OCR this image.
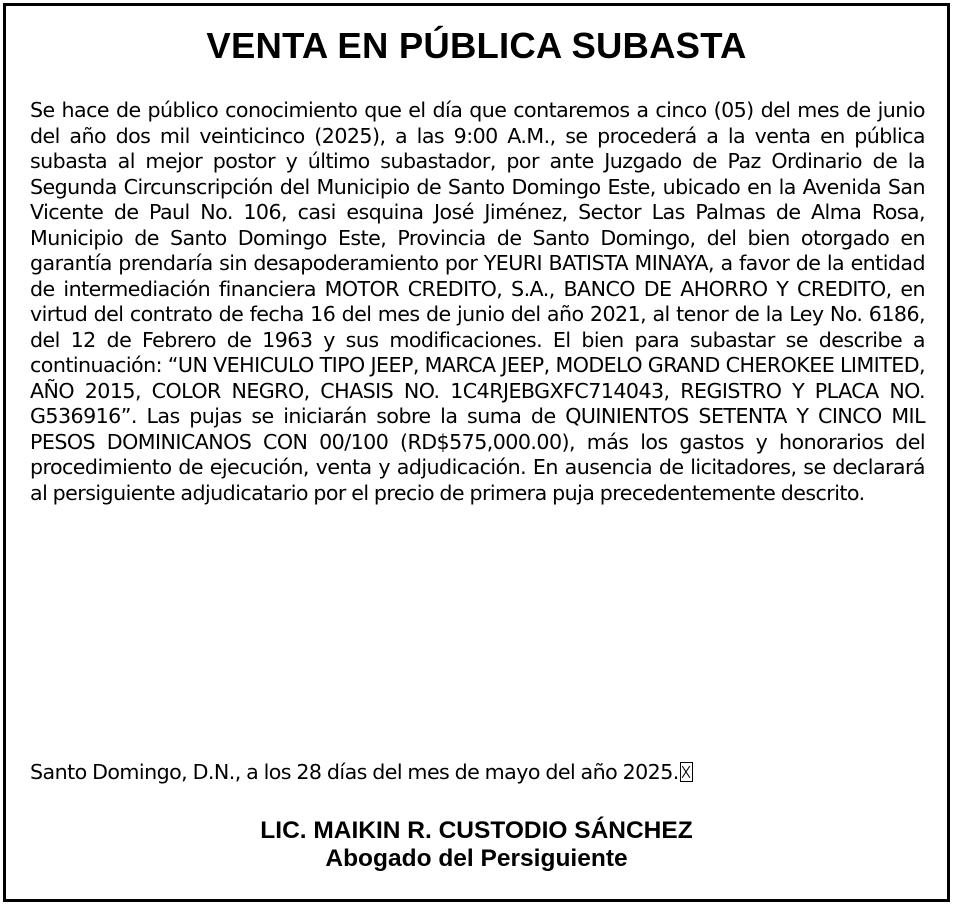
VENTA EN PÚBLICA SUBASTA

Se hace de público conocimiento que el día que contaremos a cinco (05) del mes de junio del año dos mil veinticinco (2025), a las 9:00 A.M., se procederá a la venta en pública subasta al mejor postor y último subastador, por ante Juzgado de Paz Ordinario de la Segunda Circunscripción del Municipio de Santo Domingo Este, ubicado en la Avenida San Vicente de Paul No. 106, casi esquina José Jiménez, Sector Las Palmas de Alma Rosa, Municipio de Santo Domingo Este, Provincia de Santo Domingo, del bien otorgado en garantía prendaría sin desapoderamiento por YEURI BATISTA MINAYA, a favor de la entidad de intermediación financiera MOTOR CREDITO, S.A., BANCO DE AHORRO Y CREDITO, en virtud del contrato de fecha 16 del mes de junio del año 2021, al tenor de la Ley No. 6186, del 12 de Febrero de 1963 y sus modificaciones. El bien para subastar se describe a continuación: “UN VEHICULO TIPO JEEP, MARCA JEEP, MODELO GRAND CHEROKEE LIMITED, AÑO 2015, COLOR NEGRO, CHASIS NO. 1C4RJEBGXFC714043, REGISTRO Y PLACA NO. G536916”. Las pujas se iniciarán sobre la suma de QUINIENTOS SETENTA Y CINCO MIL PESOS DOMINICANOS CON 00/100 (RD$575,000.00), más los gastos y honorarios del procedimiento de ejecución, venta y adjudicación. En ausencia de licitadores, se declarará al persiguiente adjudicatario por el precio de primera puja precedentemente descrito.

Santo Domingo, D.N., a los 28 días del mes de mayo del año 2025.

LIC. MAIKIN R. CUSTODIO SÁNCHEZ

Abogado del Persiguiente
